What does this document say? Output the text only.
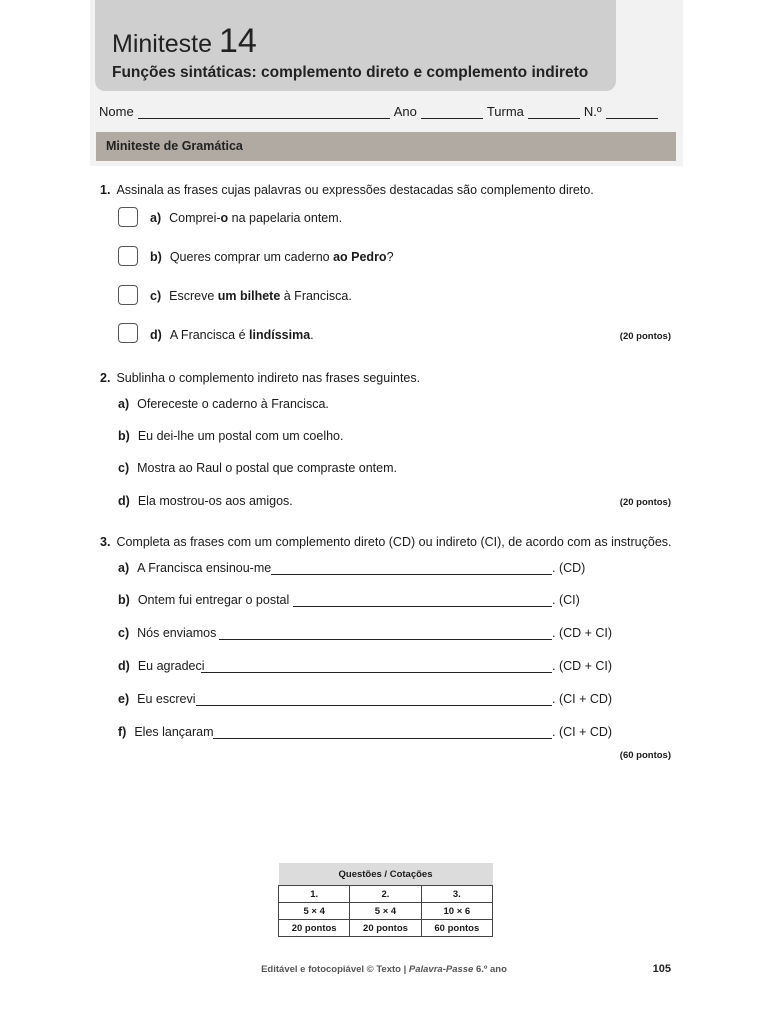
Miniteste 14
Funções sintáticas: complemento direto e complemento indireto
Nome	Ano	Turma	N.º
Miniteste de Gramática
1. Assinala as frases cujas palavras ou expressões destacadas são complemento direto.
a) Comprei-o na papelaria ontem.
b) Queres comprar um caderno ao Pedro?
c) Escreve um bilhete à Francisca.
d) A Francisca é lindíssima.	(20 pontos)
2. Sublinha o complemento indireto nas frases seguintes.
a) Ofereceste o caderno à Francisca.
b) Eu dei-lhe um postal com um coelho.
c) Mostra ao Raul o postal que compraste ontem.
d) Ela mostrou-os aos amigos.	(20 pontos)
3. Completa as frases com um complemento direto (CD) ou indireto (CI), de acordo com as instruções.
a) A Francisca ensinou-me	. (CD)
b) Ontem fui entregar o postal	. (CI)
c) Nós enviamos	. (CD + CI)
d) Eu agradeci	. (CD + CI)
e) Eu escrevi	. (CI + CD)
f) Eles lançaram	. (CI + CD)
(60 pontos)
Questões / Cotações		
1.	2.	3.
5 × 4	5 × 4	10 × 6
20 pontos	20 pontos	60 pontos
Editável e fotocopiável © Texto | Palavra-Passe 6.º ano	105
